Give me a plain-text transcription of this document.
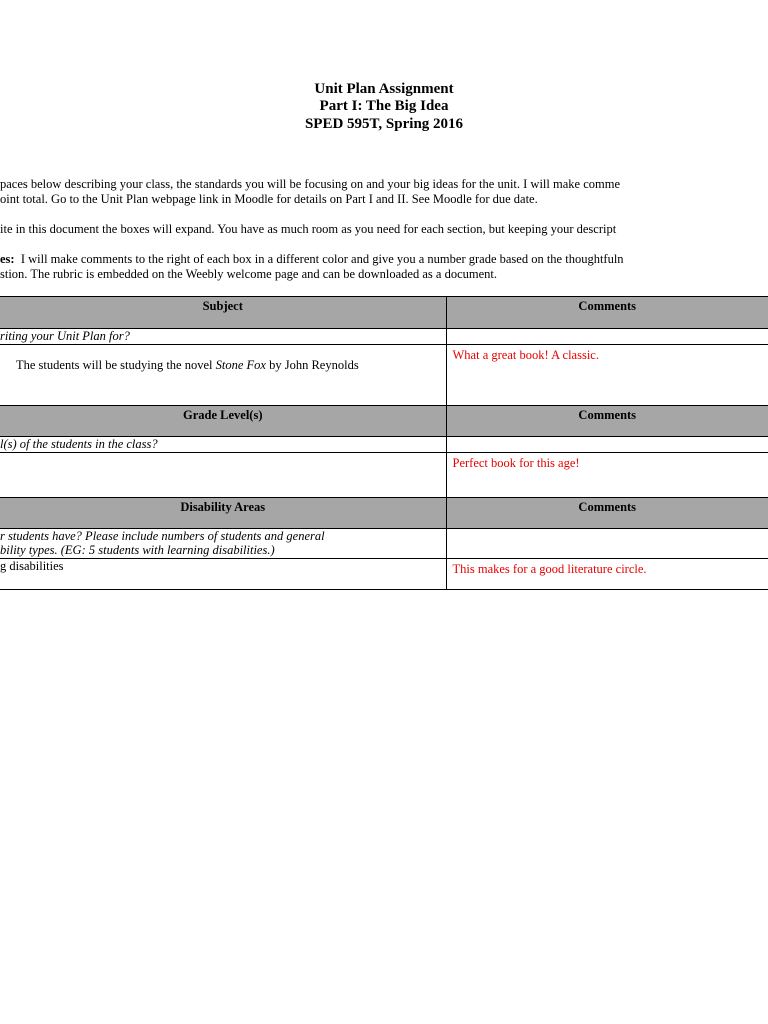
Unit Plan Assignment
Part I: The Big Idea
SPED 595T, Spring 2016
paces below describing your class, the standards you will be focusing on and your big ideas for the unit. I will make comme
oint total. Go to the Unit Plan webpage link in Moodle for details on Part I and II. See Moodle for due date.
ite in this document the boxes will expand. You have as much room as you need for each section, but keeping your descript
es:  I will make comments to the right of each box in a different color and give you a number grade based on the thoughtfuln
stion. The rubric is embedded on the Weebly welcome page and can be downloaded as a document.
Subject	Comments
riting your Unit Plan for?	
The students will be studying the novel Stone Fox by John Reynolds	What a great book! A classic.
Grade Level(s)	Comments
l(s) of the students in the class?	
	Perfect book for this age!
Disability Areas	Comments

r students have? Please include numbers of students and general
bility types. (EG: 5 students with learning disabilities.)	

g disabilities	This makes for a good literature circle.
